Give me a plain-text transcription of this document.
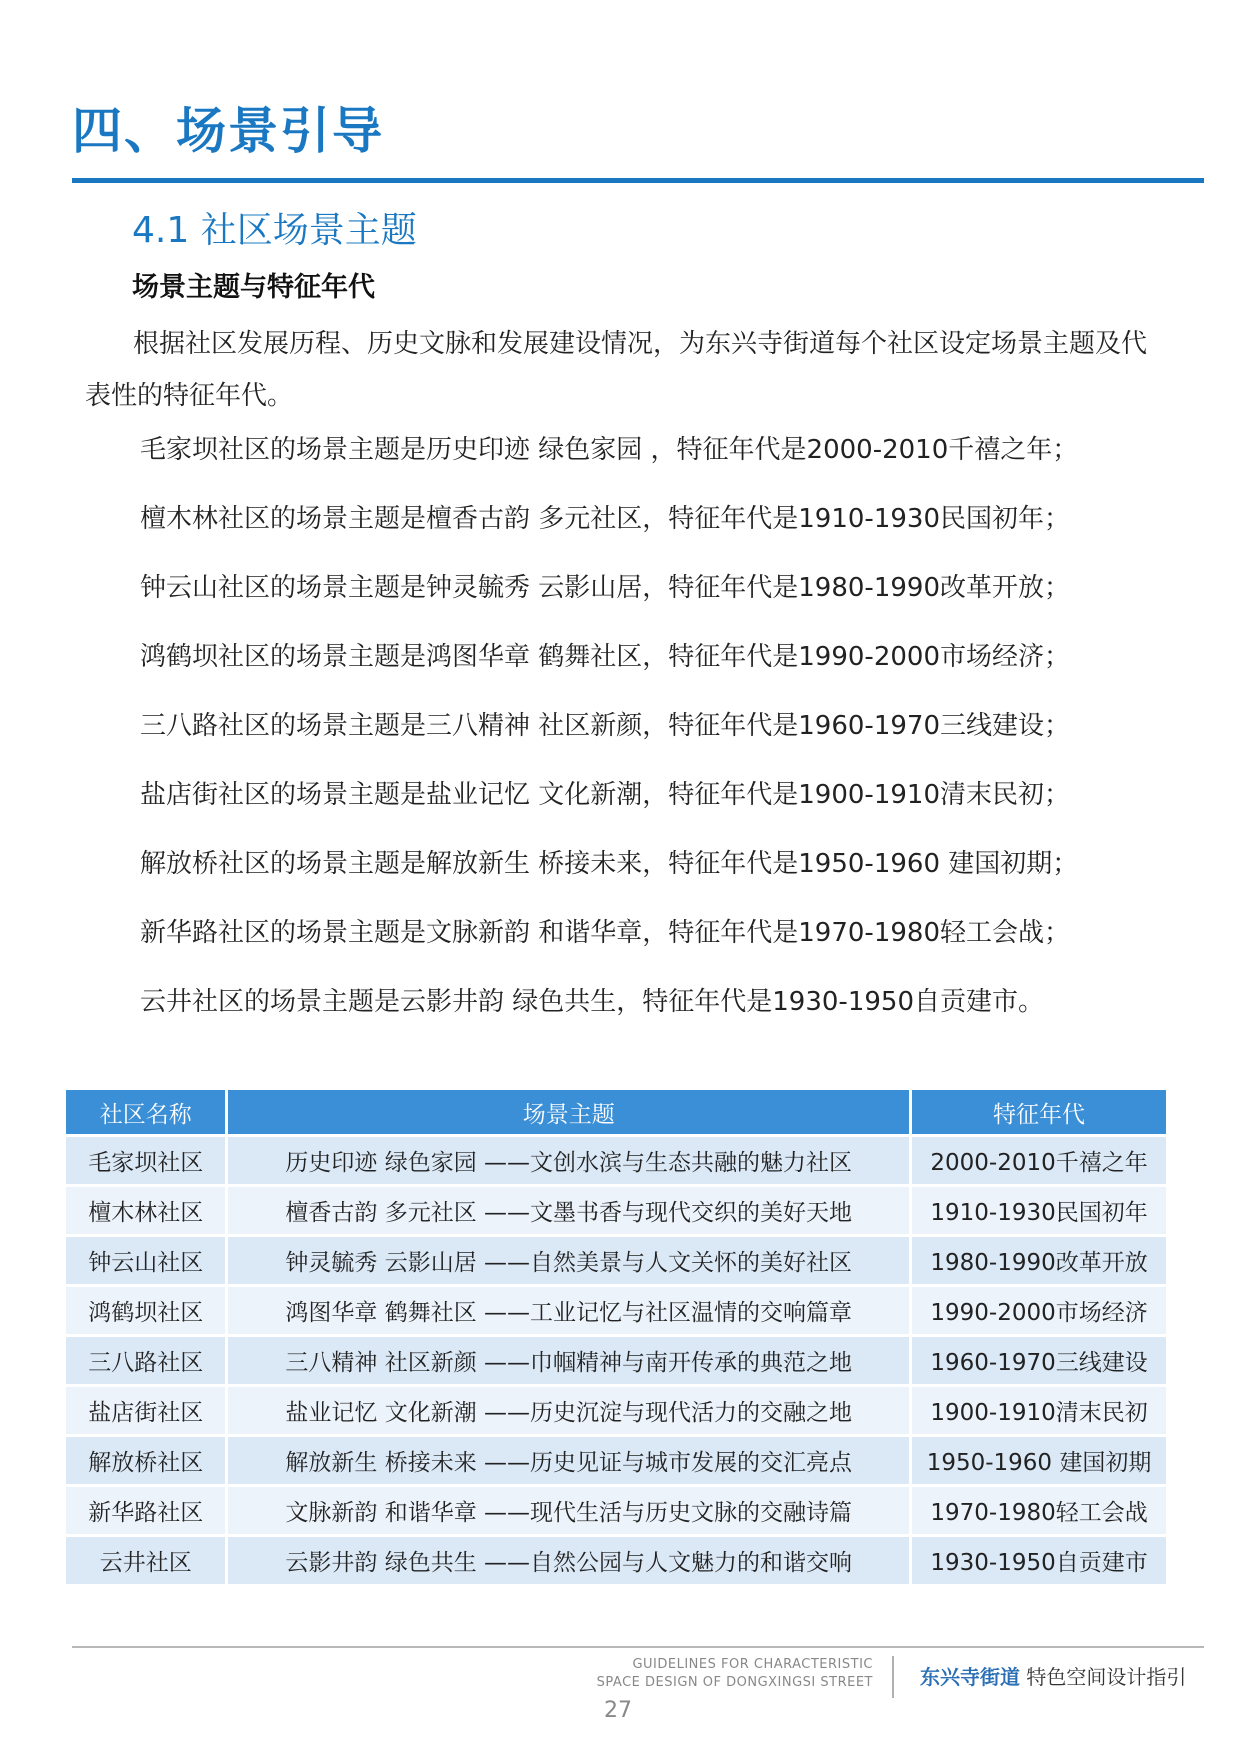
四、场景引导
4.1 社区场景主题
场景主题与特征年代

根据社区发展历程、历史文脉和发展建设情况，为东兴寺街道每个社区设定场景主题及代表性的特征年代。

毛家坝社区的场景主题是历史印迹 绿色家园 ，特征年代是2000-2010千禧之年；
檀木林社区的场景主题是檀香古韵 多元社区，特征年代是1910-1930民国初年；
钟云山社区的场景主题是钟灵毓秀 云影山居，特征年代是1980-1990改革开放；
鸿鹤坝社区的场景主题是鸿图华章 鹤舞社区，特征年代是1990-2000市场经济；
三八路社区的场景主题是三八精神 社区新颜，特征年代是1960-1970三线建设；
盐店街社区的场景主题是盐业记忆 文化新潮，特征年代是1900-1910清末民初；
解放桥社区的场景主题是解放新生 桥接未来，特征年代是1950-1960 建国初期；
新华路社区的场景主题是文脉新韵 和谐华章，特征年代是1970-1980轻工会战；
云井社区的场景主题是云影井韵 绿色共生，特征年代是1930-1950自贡建市。
社区名称	场景主题	特征年代
毛家坝社区	历史印迹 绿色家园 ——文创水滨与生态共融的魅力社区	2000-2010千禧之年
檀木林社区	檀香古韵 多元社区 ——文墨书香与现代交织的美好天地	1910-1930民国初年
钟云山社区	钟灵毓秀 云影山居 ——自然美景与人文关怀的美好社区	1980-1990改革开放
鸿鹤坝社区	鸿图华章 鹤舞社区 ——工业记忆与社区温情的交响篇章	1990-2000市场经济
三八路社区	三八精神 社区新颜 ——巾帼精神与南开传承的典范之地	1960-1970三线建设
盐店街社区	盐业记忆 文化新潮 ——历史沉淀与现代活力的交融之地	1900-1910清末民初
解放桥社区	解放新生 桥接未来 ——历史见证与城市发展的交汇亮点	1950-1960 建国初期
新华路社区	文脉新韵 和谐华章 ——现代生活与历史文脉的交融诗篇	1970-1980轻工会战
云井社区	云影井韵 绿色共生 ——自然公园与人文魅力的和谐交响	1930-1950自贡建市
GUIDELINES FOR CHARACTERISTIC
SPACE DESIGN OF DONGXINGSI STREET 东兴寺街道 特色空间设计指引
27
